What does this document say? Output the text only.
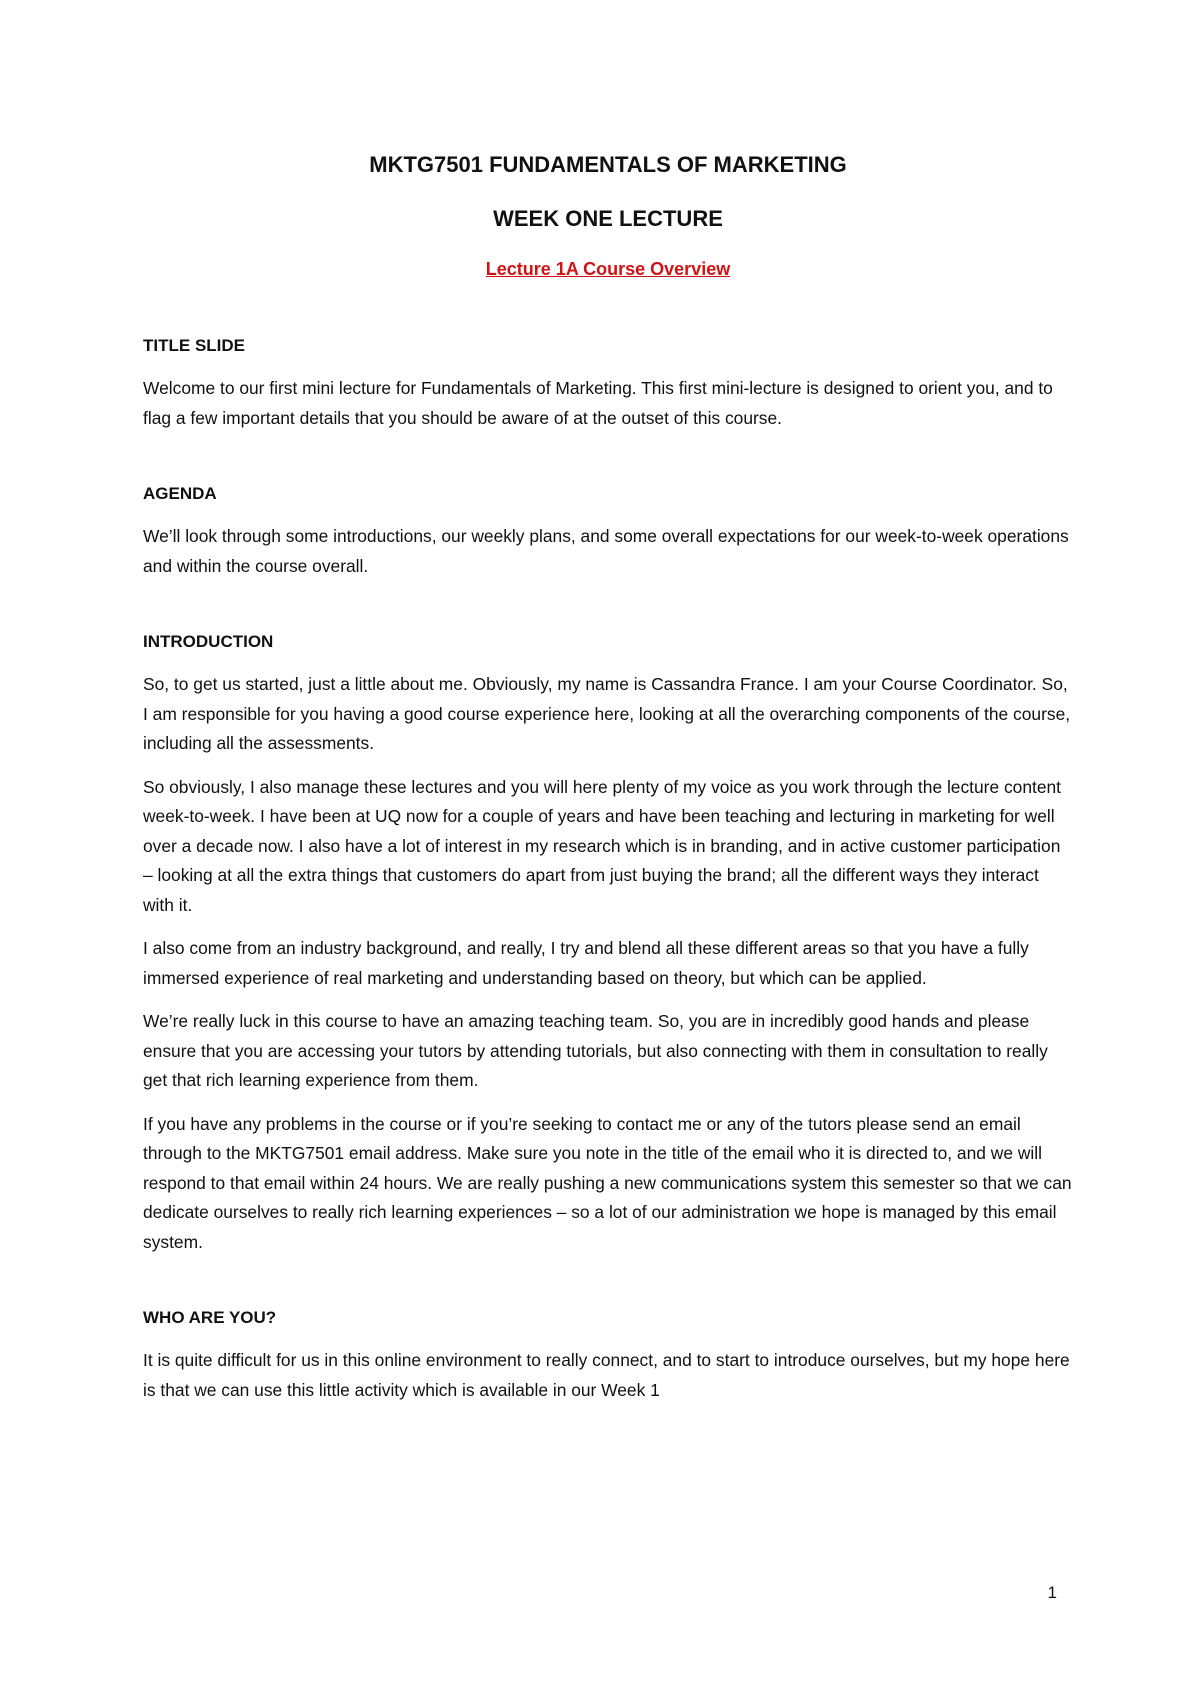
MKTG7501 FUNDAMENTALS OF MARKETING
WEEK ONE LECTURE

Lecture 1A Course Overview

TITLE SLIDE

Welcome to our first mini lecture for Fundamentals of Marketing. This first mini-lecture is designed to orient you, and to flag a few important details that you should be aware of at the outset of this course.

AGENDA

We’ll look through some introductions, our weekly plans, and some overall expectations for our week-to-week operations and within the course overall.

INTRODUCTION

So, to get us started, just a little about me. Obviously, my name is Cassandra France. I am your Course Coordinator. So, I am responsible for you having a good course experience here, looking at all the overarching components of the course, including all the assessments.

So obviously, I also manage these lectures and you will here plenty of my voice as you work through the lecture content week-to-week. I have been at UQ now for a couple of years and have been teaching and lecturing in marketing for well over a decade now. I also have a lot of interest in my research which is in branding, and in active customer participation – looking at all the extra things that customers do apart from just buying the brand; all the different ways they interact with it.

I also come from an industry background, and really, I try and blend all these different areas so that you have a fully immersed experience of real marketing and understanding based on theory, but which can be applied.

We’re really luck in this course to have an amazing teaching team. So, you are in incredibly good hands and please ensure that you are accessing your tutors by attending tutorials, but also connecting with them in consultation to really get that rich learning experience from them.

If you have any problems in the course or if you’re seeking to contact me or any of the tutors please send an email through to the MKTG7501 email address. Make sure you note in the title of the email who it is directed to, and we will respond to that email within 24 hours. We are really pushing a new communications system this semester so that we can dedicate ourselves to really rich learning experiences – so a lot of our administration we hope is managed by this email system.

WHO ARE YOU?

It is quite difficult for us in this online environment to really connect, and to start to introduce ourselves, but my hope here is that we can use this little activity which is available in our Week 1

1
